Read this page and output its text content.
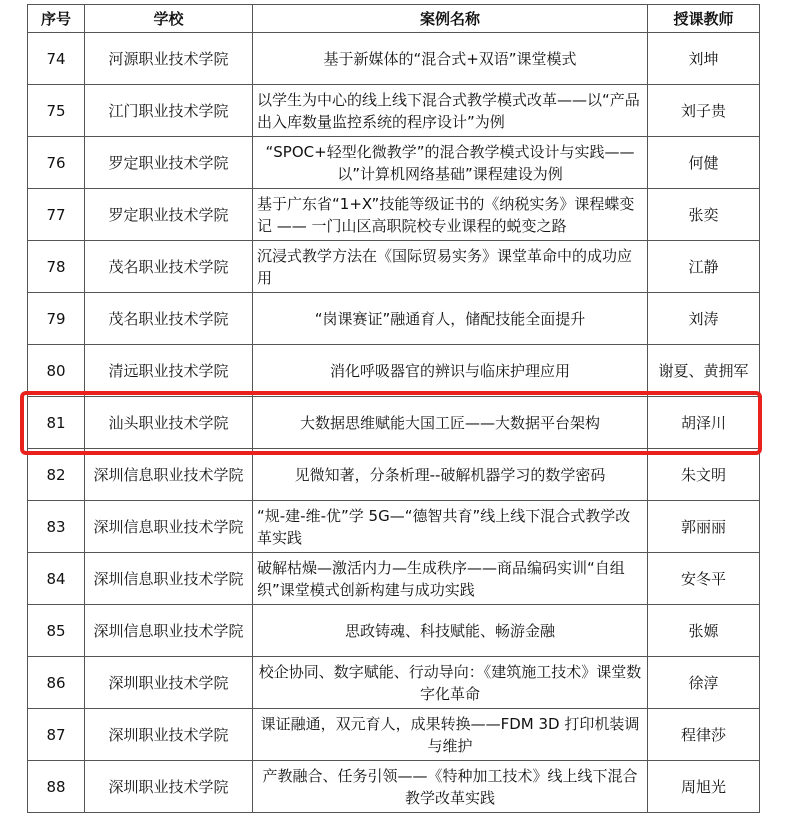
序号	学校	案例名称	授课教师
74	河源职业技术学院	基于新媒体的“混合式+双语”课堂模式	刘坤
75	江门职业技术学院	以学生为中心的线上线下混合式教学模式改革——以“产品出入库数量监控系统的程序设计”为例	刘子贵
76	罗定职业技术学院	“SPOC+轻型化微教学”的混合教学模式设计与实践——以”计算机网络基础”课程建设为例	何健
77	罗定职业技术学院	基于广东省“1+X”技能等级证书的《纳税实务》课程蝶变记 —— 一门山区高职院校专业课程的蜕变之路	张奕
78	茂名职业技术学院	沉浸式教学方法在《国际贸易实务》课堂革命中的成功应用	江静
79	茂名职业技术学院	“岗课赛证”融通育人，储配技能全面提升	刘涛
80	清远职业技术学院	消化呼吸器官的辨识与临床护理应用	谢夏、黄拥军
81	汕头职业技术学院	大数据思维赋能大国工匠——大数据平台架构	胡泽川
82	深圳信息职业技术学院	见微知著，分条析理--破解机器学习的数学密码	朱文明
83	深圳信息职业技术学院	“规-建-维-优”学 5G—“德智共育”线上线下混合式教学改革实践	郭丽丽
84	深圳信息职业技术学院	破解枯燥—激活内力—生成秩序——商品编码实训“自组织”课堂模式创新构建与成功实践	安冬平
85	深圳信息职业技术学院	思政铸魂、科技赋能、畅游金融	张嫄
86	深圳职业技术学院	校企协同、数字赋能、行动导向：《建筑施工技术》课堂数字化革命	徐淳
87	深圳职业技术学院	课证融通，双元育人，成果转换——FDM 3D 打印机装调与维护	程律莎
88	深圳职业技术学院	产教融合、任务引领——《特种加工技术》线上线下混合教学改革实践	周旭光
